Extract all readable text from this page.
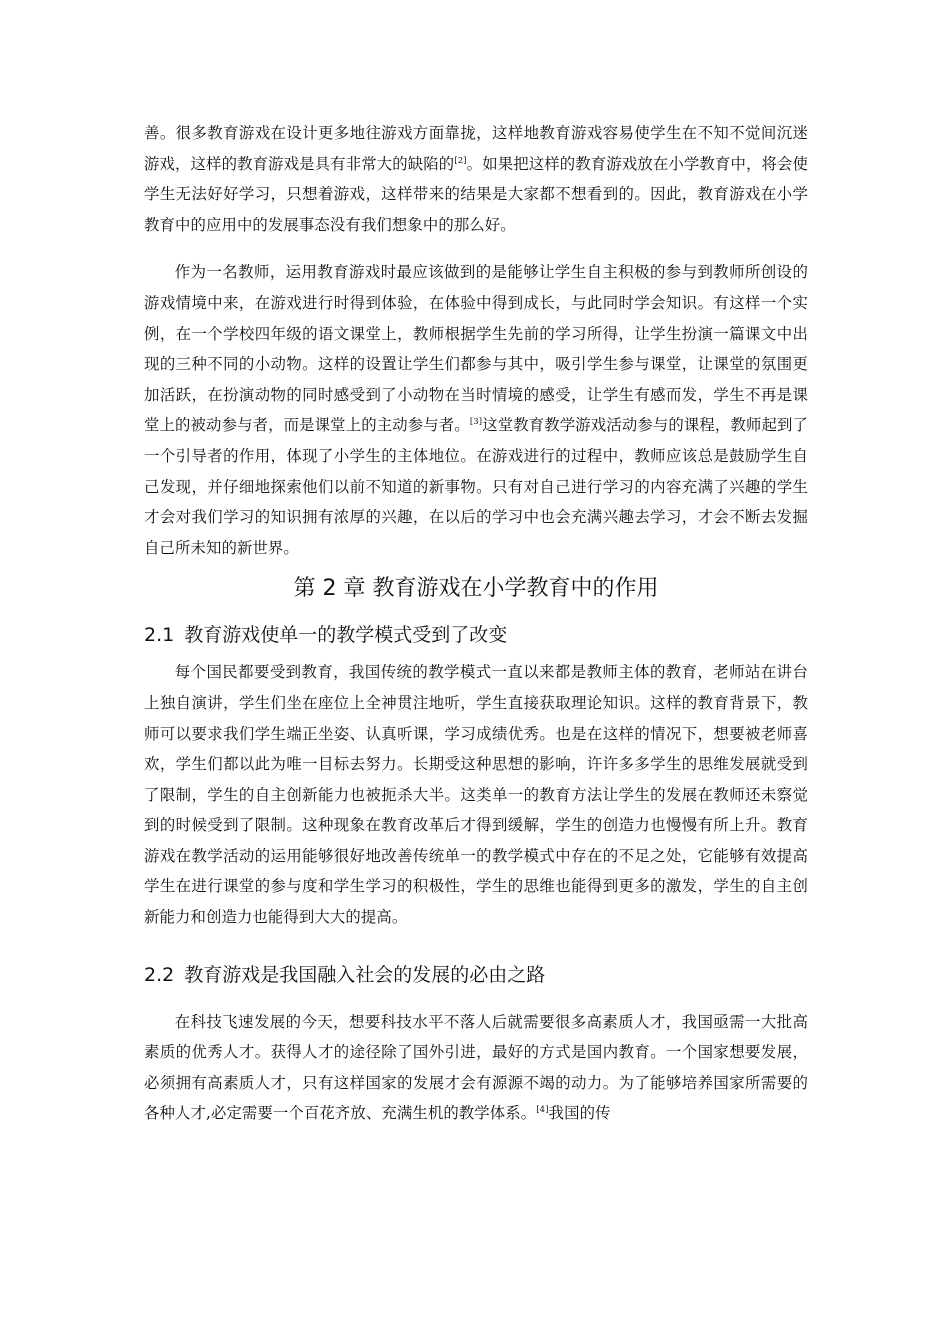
善。很多教育游戏在设计更多地往游戏方面靠拢，这样地教育游戏容易使学生在不知不觉间沉迷游戏，这样的教育游戏是具有非常大的缺陷的[2]。如果把这样的教育游戏放在小学教育中，将会使学生无法好好学习，只想着游戏，这样带来的结果是大家都不想看到的。因此，教育游戏在小学教育中的应用中的发展事态没有我们想象中的那么好。

作为一名教师，运用教育游戏时最应该做到的是能够让学生自主积极的参与到教师所创设的游戏情境中来，在游戏进行时得到体验，在体验中得到成长，与此同时学会知识。有这样一个实例，在一个学校四年级的语文课堂上，教师根据学生先前的学习所得，让学生扮演一篇课文中出现的三种不同的小动物。这样的设置让学生们都参与其中，吸引学生参与课堂，让课堂的氛围更加活跃，在扮演动物的同时感受到了小动物在当时情境的感受，让学生有感而发，学生不再是课堂上的被动参与者，而是课堂上的主动参与者。[3]这堂教育教学游戏活动参与的课程，教师起到了一个引导者的作用，体现了小学生的主体地位。在游戏进行的过程中，教师应该总是鼓励学生自己发现，并仔细地探索他们以前不知道的新事物。只有对自己进行学习的内容充满了兴趣的学生才会对我们学习的知识拥有浓厚的兴趣，在以后的学习中也会充满兴趣去学习，才会不断去发掘自己所未知的新世界。

第 2 章 教育游戏在小学教育中的作用
2.1 教育游戏使单一的教学模式受到了改变

每个国民都要受到教育，我国传统的教学模式一直以来都是教师主体的教育，老师站在讲台上独自演讲，学生们坐在座位上全神贯注地听，学生直接获取理论知识。这样的教育背景下，教师可以要求我们学生端正坐姿、认真听课，学习成绩优秀。也是在这样的情况下，想要被老师喜欢，学生们都以此为唯一目标去努力。长期受这种思想的影响，许许多多学生的思维发展就受到了限制，学生的自主创新能力也被扼杀大半。这类单一的教育方法让学生的发展在教师还未察觉到的时候受到了限制。这种现象在教育改革后才得到缓解，学生的创造力也慢慢有所上升。教育游戏在教学活动的运用能够很好地改善传统单一的教学模式中存在的不足之处，它能够有效提高学生在进行课堂的参与度和学生学习的积极性，学生的思维也能得到更多的激发，学生的自主创新能力和创造力也能得到大大的提高。

2.2 教育游戏是我国融入社会的发展的必由之路

在科技飞速发展的今天，想要科技水平不落人后就需要很多高素质人才，我国亟需一大批高素质的优秀人才。获得人才的途径除了国外引进，最好的方式是国内教育。一个国家想要发展，必须拥有高素质人才，只有这样国家的发展才会有源源不竭的动力。为了能够培养国家所需要的各种人才,必定需要一个百花齐放、充满生机的教学体系。[4]我国的传
